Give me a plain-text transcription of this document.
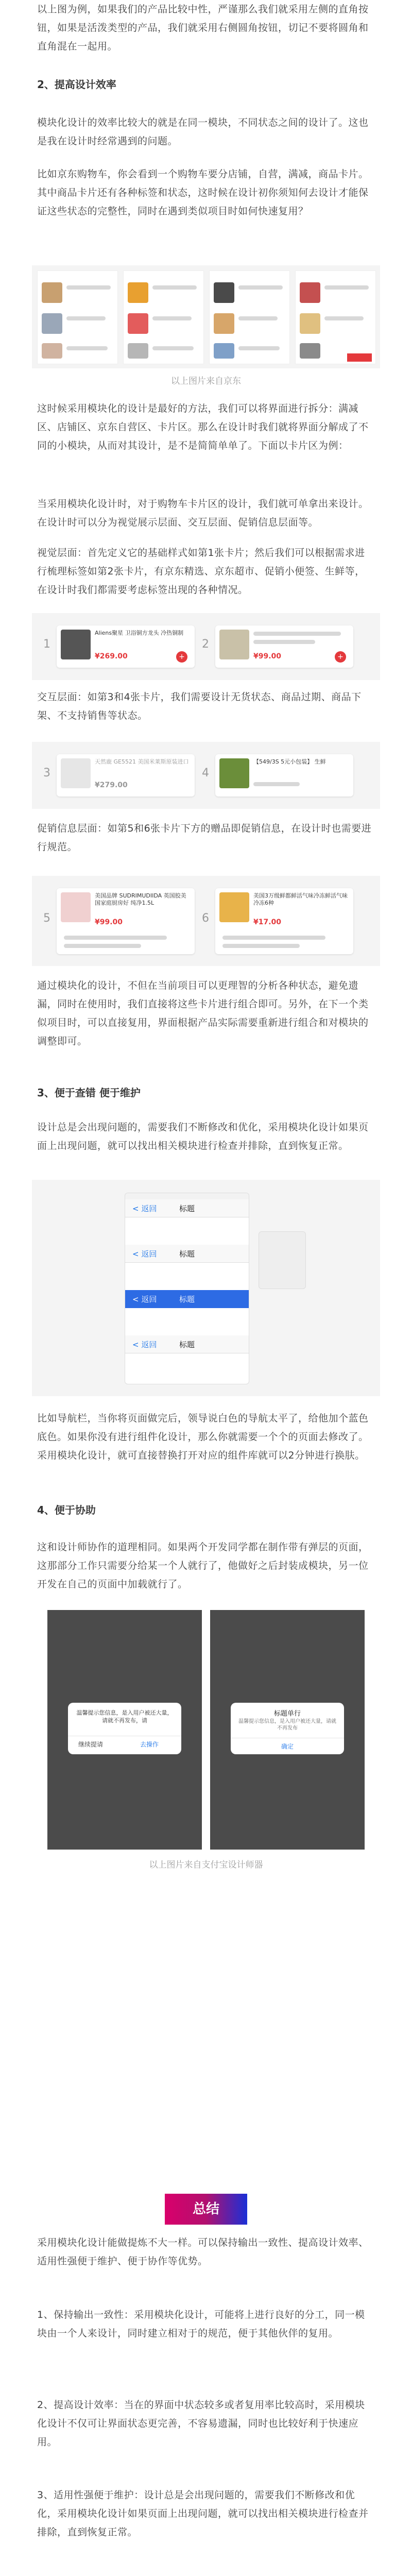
以上图为例，如果我们的产品比较中性，严谨那么我们就采用左侧的直角按钮，如果是活泼类型的产品，我们就采用右侧圆角按钮，切记不要将圆角和直角混在一起用。

2、提高设计效率

模块化设计的效率比较大的就是在同一模块，不同状态之间的设计了。这也是我在设计时经常遇到的问题。

比如京东购物车，你会看到一个购物车要分店铺，自营，满减，商品卡片。其中商品卡片还有各种标签和状态，这时候在设计初你须知何去设计才能保证这些状态的完整性，同时在遇到类似项目时如何快速复用？

以上图片来自京东

这时候采用模块化的设计是最好的方法，我们可以将界面进行拆分：满减区、店铺区、京东自营区、卡片区。那么在设计时我们就将界面分解成了不同的小模块，从而对其设计，是不是简简单单了。下面以卡片区为例：

当采用模块化设计时，对于购物车卡片区的设计，我们就可单拿出来设计。在设计时可以分为视觉展示层面、交互层面、促销信息层面等。

视觉层面：首先定义它的基础样式如第1张卡片；然后我们可以根据需求进行梳理标签如第2张卡片，有京东精选、京东超市、促销小便签、生鲜等，在设计时我们都需要考虑标签出现的各种情况。

1
Aliens聚星 卫浴铜方龙头 冷热铜制
¥269.00	+
2
¥99.00	+

交互层面：如第3和4张卡片，我们需要设计无货状态、商品过期、商品下架、不支持销售等状态。

3
天然鹿 GE5521 美国米莱斯原装进口
¥279.00
4
【549/3S 5元小包装】 生鲜

促销信息层面：如第5和6张卡片下方的赠品即促销信息，在设计时也需要进行规范。

5
美国品牌 SUDRIMUDIIDA 英国胶美国家庭厨房好 纯净1.5L
¥99.00	6
美国3万级鲜都鲜活气味冷冻鲜活气味冷冻6种
¥17.00

通过模块化的设计，不但在当前项目可以更理智的分析各种状态，避免遗漏，同时在使用时，我们直接将这些卡片进行组合即可。另外，在下一个类似项目时，可以直接复用，界面根据产品实际需要重新进行组合和对模块的调整即可。

3、便于查错 便于维护

设计总是会出现问题的，需要我们不断修改和优化，采用模块化设计如果页面上出现问题，就可以找出相关模块进行检查并排除，直到恢复正常。

< 返回	标题
< 返回	标题
< 返回	标题
< 返回	标题

比如导航栏，当你将页面做完后，领导说白色的导航太平了，给他加个蓝色底色。如果你没有进行组件化设计，那么你就需要一个个的页面去修改了。采用模块化设计，就可直接替换打开对应的组件库就可以2分钟进行换肤。

4、便于协助

这和设计师协作的道理相同。如果两个开发同学都在制作带有弹层的页面，这那部分工作只需要分给某一个人就行了，他做好之后封装成模块，另一位开发在自己的页面中加载就行了。

温馨提示您信息，是入用户被还大量，请就不再发布，请
继续提请	去操作
标题单行
温馨提示您信息，是入用户被还大量，请就不再发布
确定
以上图片来自支付宝设计师器
总结

采用模块化设计能做提炼不大一样。可以保持输出一致性、提高设计效率、适用性强便于维护、便于协作等优势。

1、保持输出一致性：采用模块化设计，可能将上进行良好的分工，同一模块由一个人来设计，同时建立相对于的规范，便于其他伙伴的复用。

2、提高设计效率：当在的界面中状态较多或者复用率比较高时，采用模块化设计不仅可让界面状态更完善，不容易遗漏，同时也比较好利于快速应用。

3、适用性强便于维护：设计总是会出现问题的，需要我们不断修改和优化，采用模块化设计如果页面上出现问题，就可以找出相关模块进行检查并排除，直到恢复正常。
